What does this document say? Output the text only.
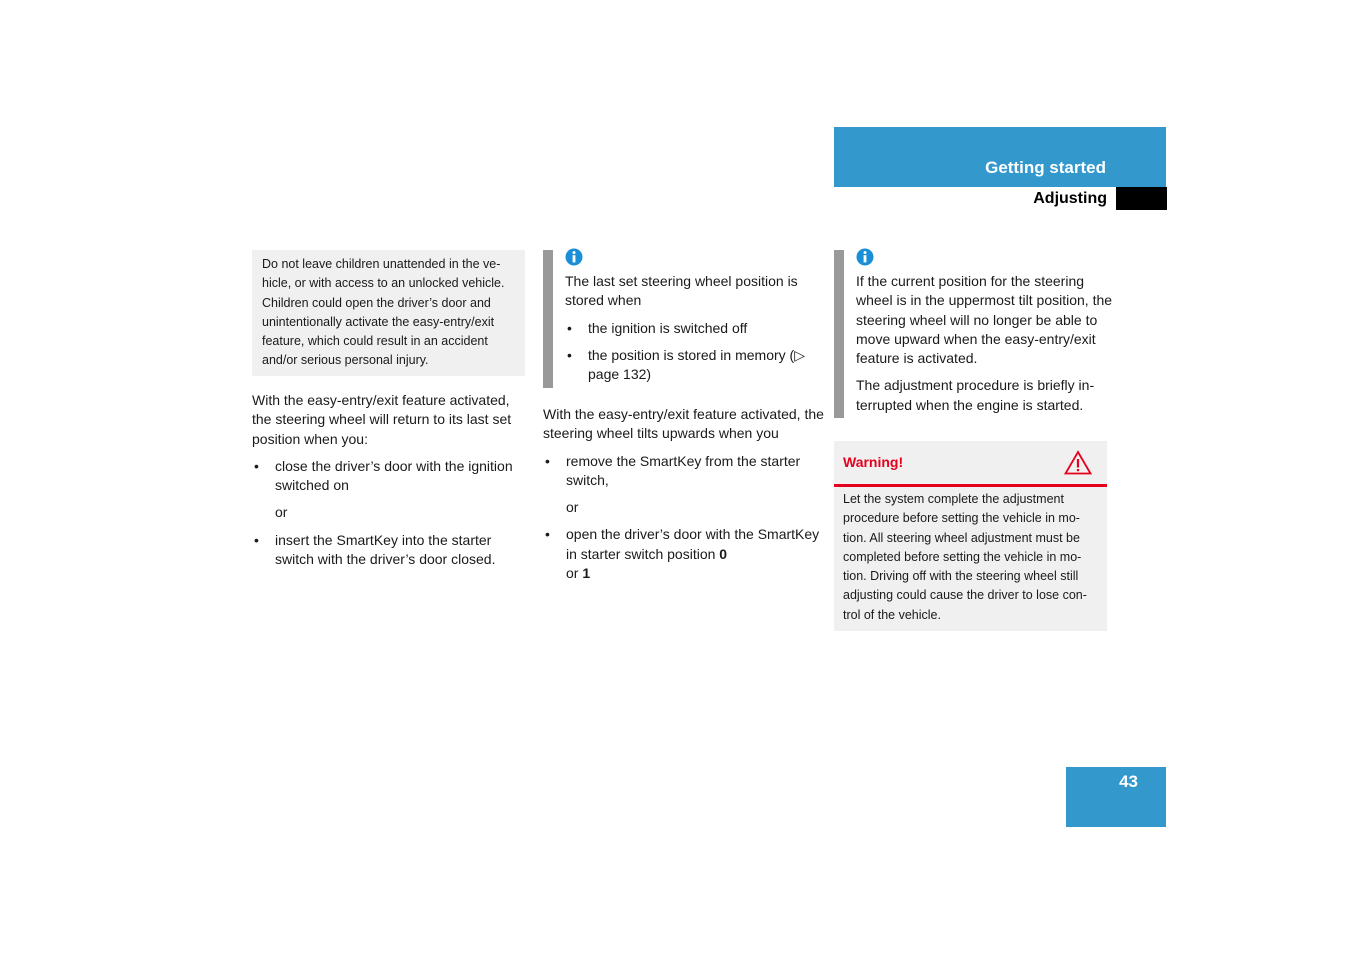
Getting started
Adjusting
Do not leave children unattended in the ve-hicle, or with access to an unlocked vehicle. Children could open the driver’s door and unintentionally activate the easy-entry/exit feature, which could result in an accident and/or serious personal injury.

With the easy-entry/exit feature activated, the steering wheel will return to its last set position when you:

• close the driver’s door with the ignition switched on
or
• insert the SmartKey into the starter switch with the driver’s door closed.

The last set steering wheel position is stored when

• the ignition is switched off
• the position is stored in memory (▷ page 132)

With the easy-entry/exit feature activated, the steering wheel tilts upwards when you

• remove the SmartKey from the starter switch,
or
• open the driver’s door with the SmartKey in starter switch position 0
or 1

If the current position for the steering wheel is in the uppermost tilt position, the steering wheel will no longer be able to move upward when the easy-entry/exit feature is activated.

The adjustment procedure is briefly in-terrupted when the engine is started.

Warning!
Let the system complete the adjustment procedure before setting the vehicle in mo-tion. All steering wheel adjustment must be completed before setting the vehicle in mo-tion. Driving off with the steering wheel still adjusting could cause the driver to lose con-trol of the vehicle.
43
